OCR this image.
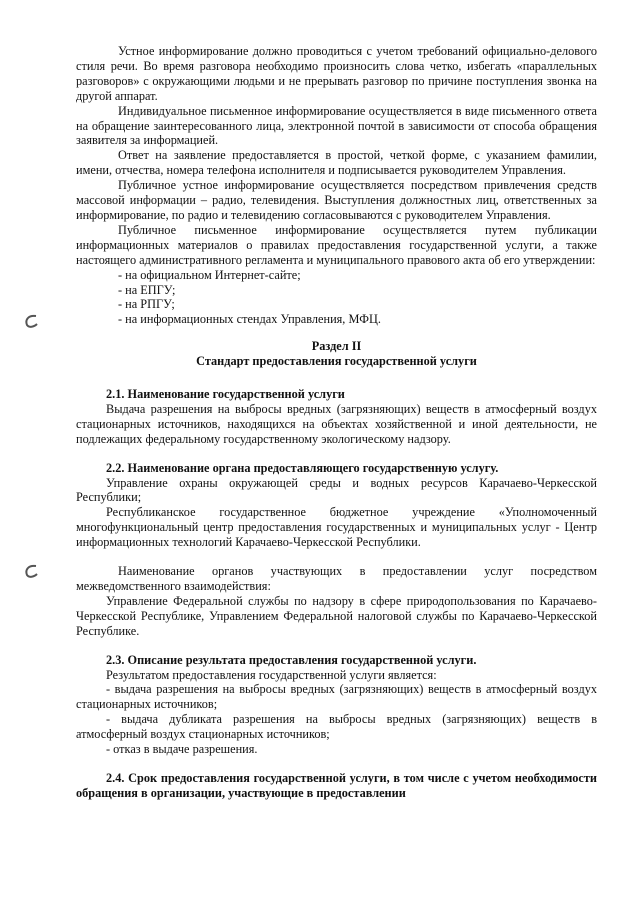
Устное информирование должно проводиться с учетом требований официально-делового стиля речи. Во время разговора необходимо произносить слова четко, избегать «параллельных разговоров» с окружающими людьми и не прерывать разговор по причине поступления звонка на другой аппарат.

Индивидуальное письменное информирование осуществляется в виде письменного ответа на обращение заинтересованного лица, электронной почтой в зависимости от способа обращения заявителя за информацией.

Ответ на заявление предоставляется в простой, четкой форме, с указанием фамилии, имени, отчества, номера телефона исполнителя и подписывается руководителем Управления.

Публичное устное информирование осуществляется посредством привлечения средств массовой информации – радио, телевидения. Выступления должностных лиц, ответственных за информирование, по радио и телевидению согласовываются с руководителем Управления.

Публичное письменное информирование осуществляется путем публикации информационных материалов о правилах предоставления государственной услуги, а также настоящего административного регламента и муниципального правового акта об его утверждении:

- на официальном Интернет-сайте;

- на ЕПГУ;

- на РПГУ;

- на информационных стендах Управления, МФЦ.

Раздел II

Стандарт предоставления государственной услуги

2.1. Наименование государственной услуги

Выдача разрешения на выбросы вредных (загрязняющих) веществ в атмосферный воздух стационарных источников, находящихся на объектах хозяйственной и иной деятельности, не подлежащих федеральному государственному экологическому надзору.

2.2. Наименование органа предоставляющего государственную услугу.

Управление охраны окружающей среды и водных ресурсов Карачаево-Черкесской Республики;

Республиканское государственное бюджетное учреждение «Уполномоченный многофункциональный центр предоставления государственных и муниципальных услуг - Центр информационных технологий Карачаево-Черкесской Республики.

Наименование органов участвующих в предоставлении услуг посредством межведомственного взаимодействия:

Управление Федеральной службы по надзору в сфере природопользования по Карачаево-Черкесской Республике, Управлением Федеральной налоговой службы по Карачаево-Черкесской Республике.

2.3. Описание результата предоставления государственной услуги.

Результатом предоставления государственной услуги является:

- выдача разрешения на выбросы вредных (загрязняющих) веществ в атмосферный воздух стационарных источников;

- выдача дубликата разрешения на выбросы вредных (загрязняющих) веществ в атмосферный воздух стационарных источников;

- отказ в выдаче разрешения.

2.4. Срок предоставления государственной услуги, в том числе с учетом необходимости обращения в организации, участвующие в предоставлении
